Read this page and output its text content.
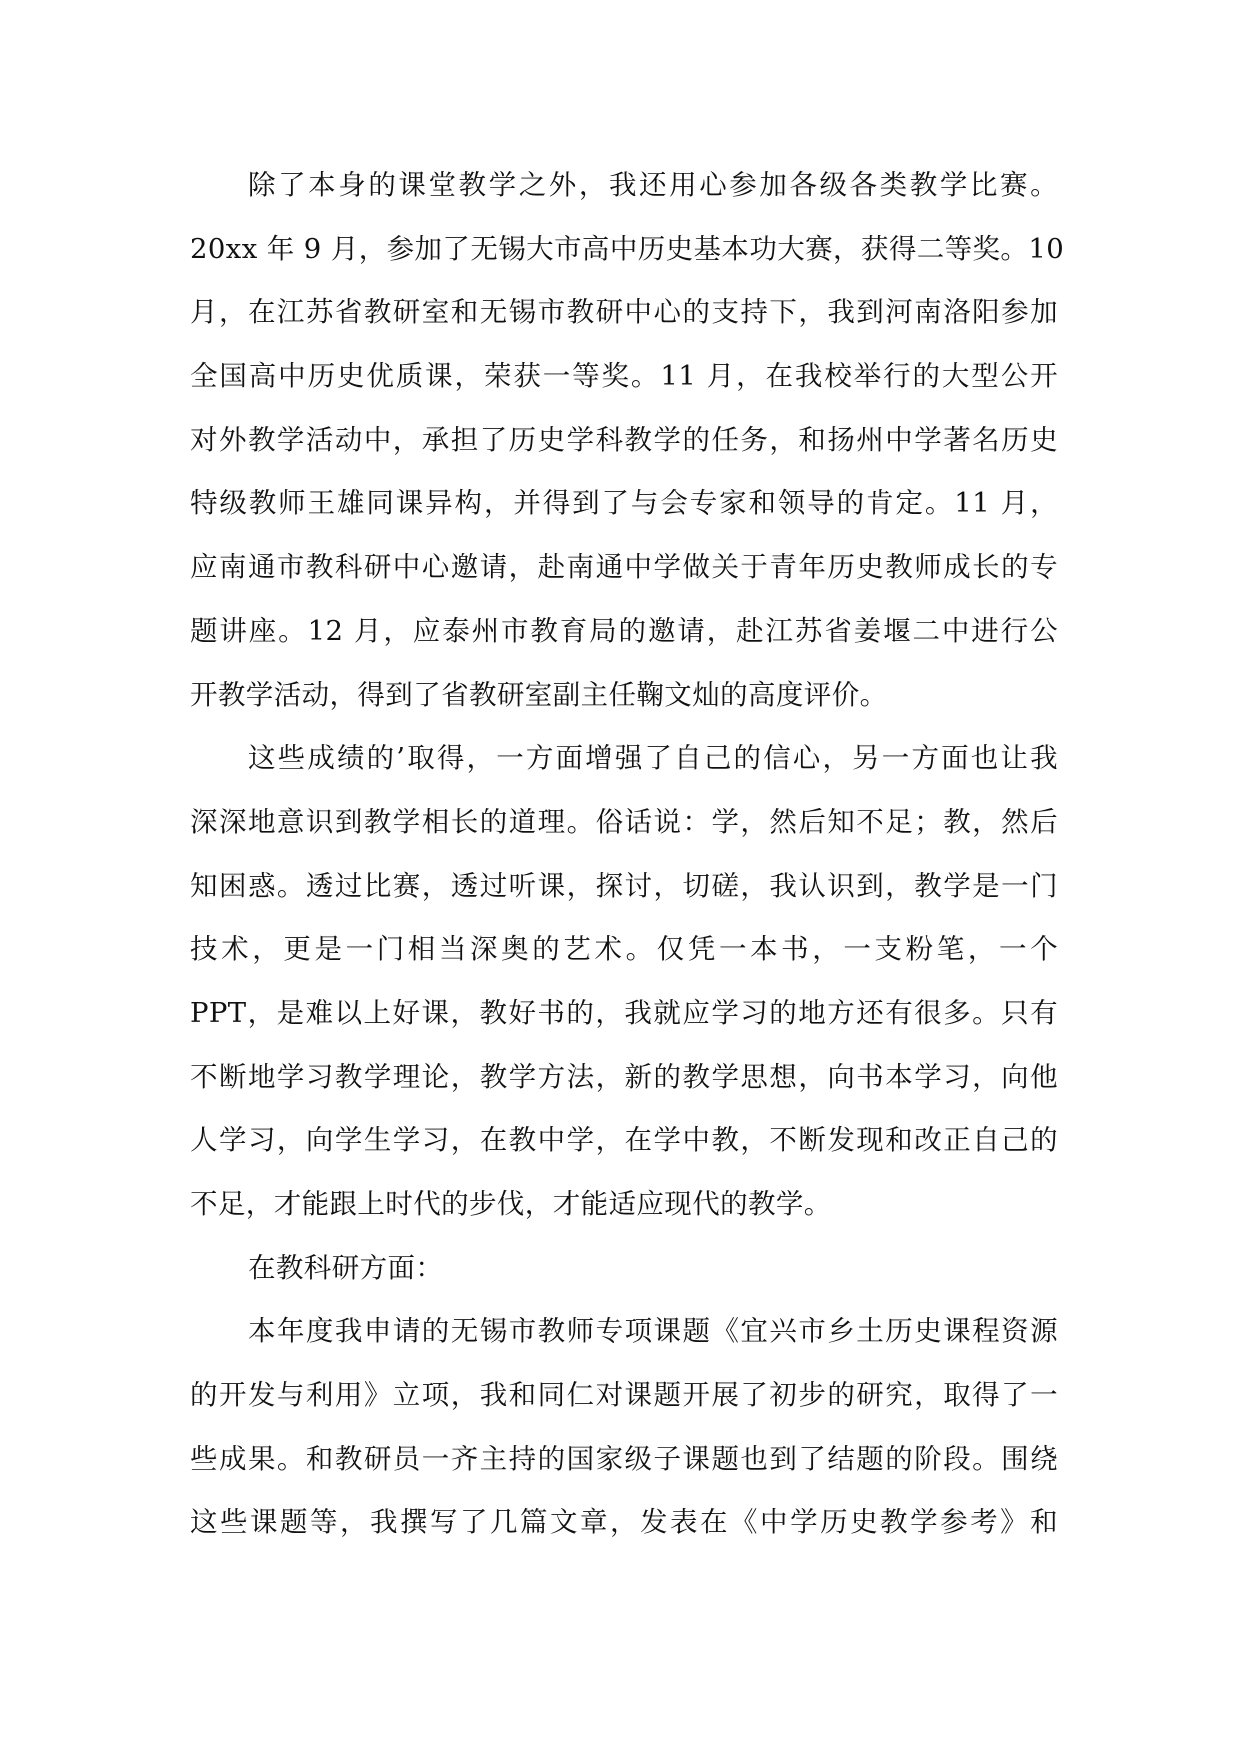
除了本身的课堂教学之外，我还用心参加各级各类教学比赛。
20xx 年 9 月，参加了无锡大市高中历史基本功大赛，获得二等奖。10
月，在江苏省教研室和无锡市教研中心的支持下，我到河南洛阳参加
全国高中历史优质课，荣获一等奖。11 月，在我校举行的大型公开
对外教学活动中，承担了历史学科教学的任务，和扬州中学著名历史
特级教师王雄同课异构，并得到了与会专家和领导的肯定。11 月，
应南通市教科研中心邀请，赴南通中学做关于青年历史教师成长的专
题讲座。12 月，应泰州市教育局的邀请，赴江苏省姜堰二中进行公
开教学活动，得到了省教研室副主任鞠文灿的高度评价。
这些成绩的’取得，一方面增强了自己的信心，另一方面也让我
深深地意识到教学相长的道理。俗话说：学，然后知不足；教，然后
知困惑。透过比赛，透过听课，探讨，切磋，我认识到，教学是一门
技术，更是一门相当深奥的艺术。仅凭一本书，一支粉笔，一个
PPT，是难以上好课，教好书的，我就应学习的地方还有很多。只有
不断地学习教学理论，教学方法，新的教学思想，向书本学习，向他
人学习，向学生学习，在教中学，在学中教，不断发现和改正自己的
不足，才能跟上时代的步伐，才能适应现代的教学。
在教科研方面：
本年度我申请的无锡市教师专项课题《宜兴市乡土历史课程资源
的开发与利用》立项，我和同仁对课题开展了初步的研究，取得了一
些成果。和教研员一齐主持的国家级子课题也到了结题的阶段。围绕
这些课题等，我撰写了几篇文章，发表在《中学历史教学参考》和
